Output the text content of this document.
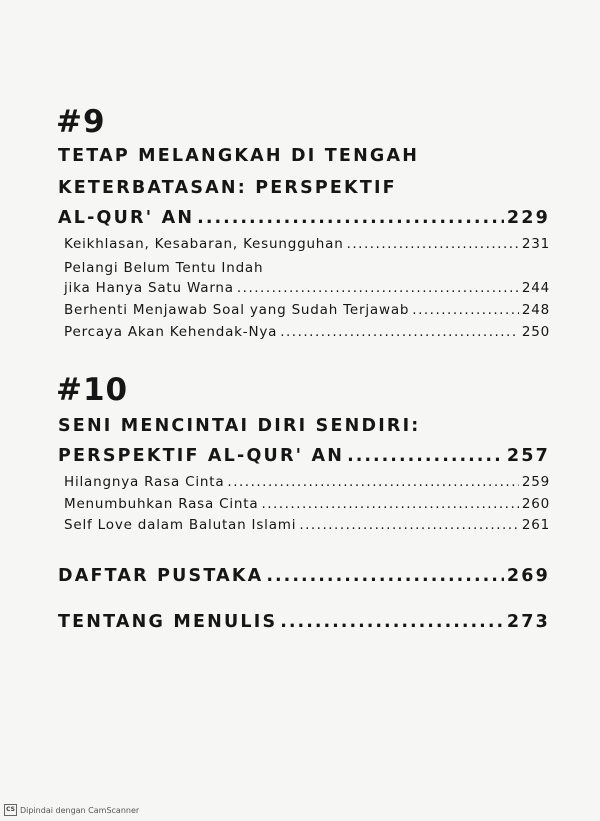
#9
TETAP MELANGKAH DI TENGAH
KETERBATASAN: PERSPEKTIF
AL-QUR' AN .....	229
Keikhlasan, Kesabaran, Kesungguhan .....	231
Pelangi Belum Tentu Indah
jika Hanya Satu Warna .....	244
Berhenti Menjawab Soal yang Sudah Terjawab .....	248
Percaya Akan Kehendak-Nya .....	250
#10
SENI MENCINTAI DIRI SENDIRI:
PERSPEKTIF AL-QUR' AN .....	257
Hilangnya Rasa Cinta .....	259
Menumbuhkan Rasa Cinta .....	260
Self Love dalam Balutan Islami .....	261
DAFTAR PUSTAKA .....	269
TENTANG MENULIS .....	273
CS Dipindai dengan CamScanner
